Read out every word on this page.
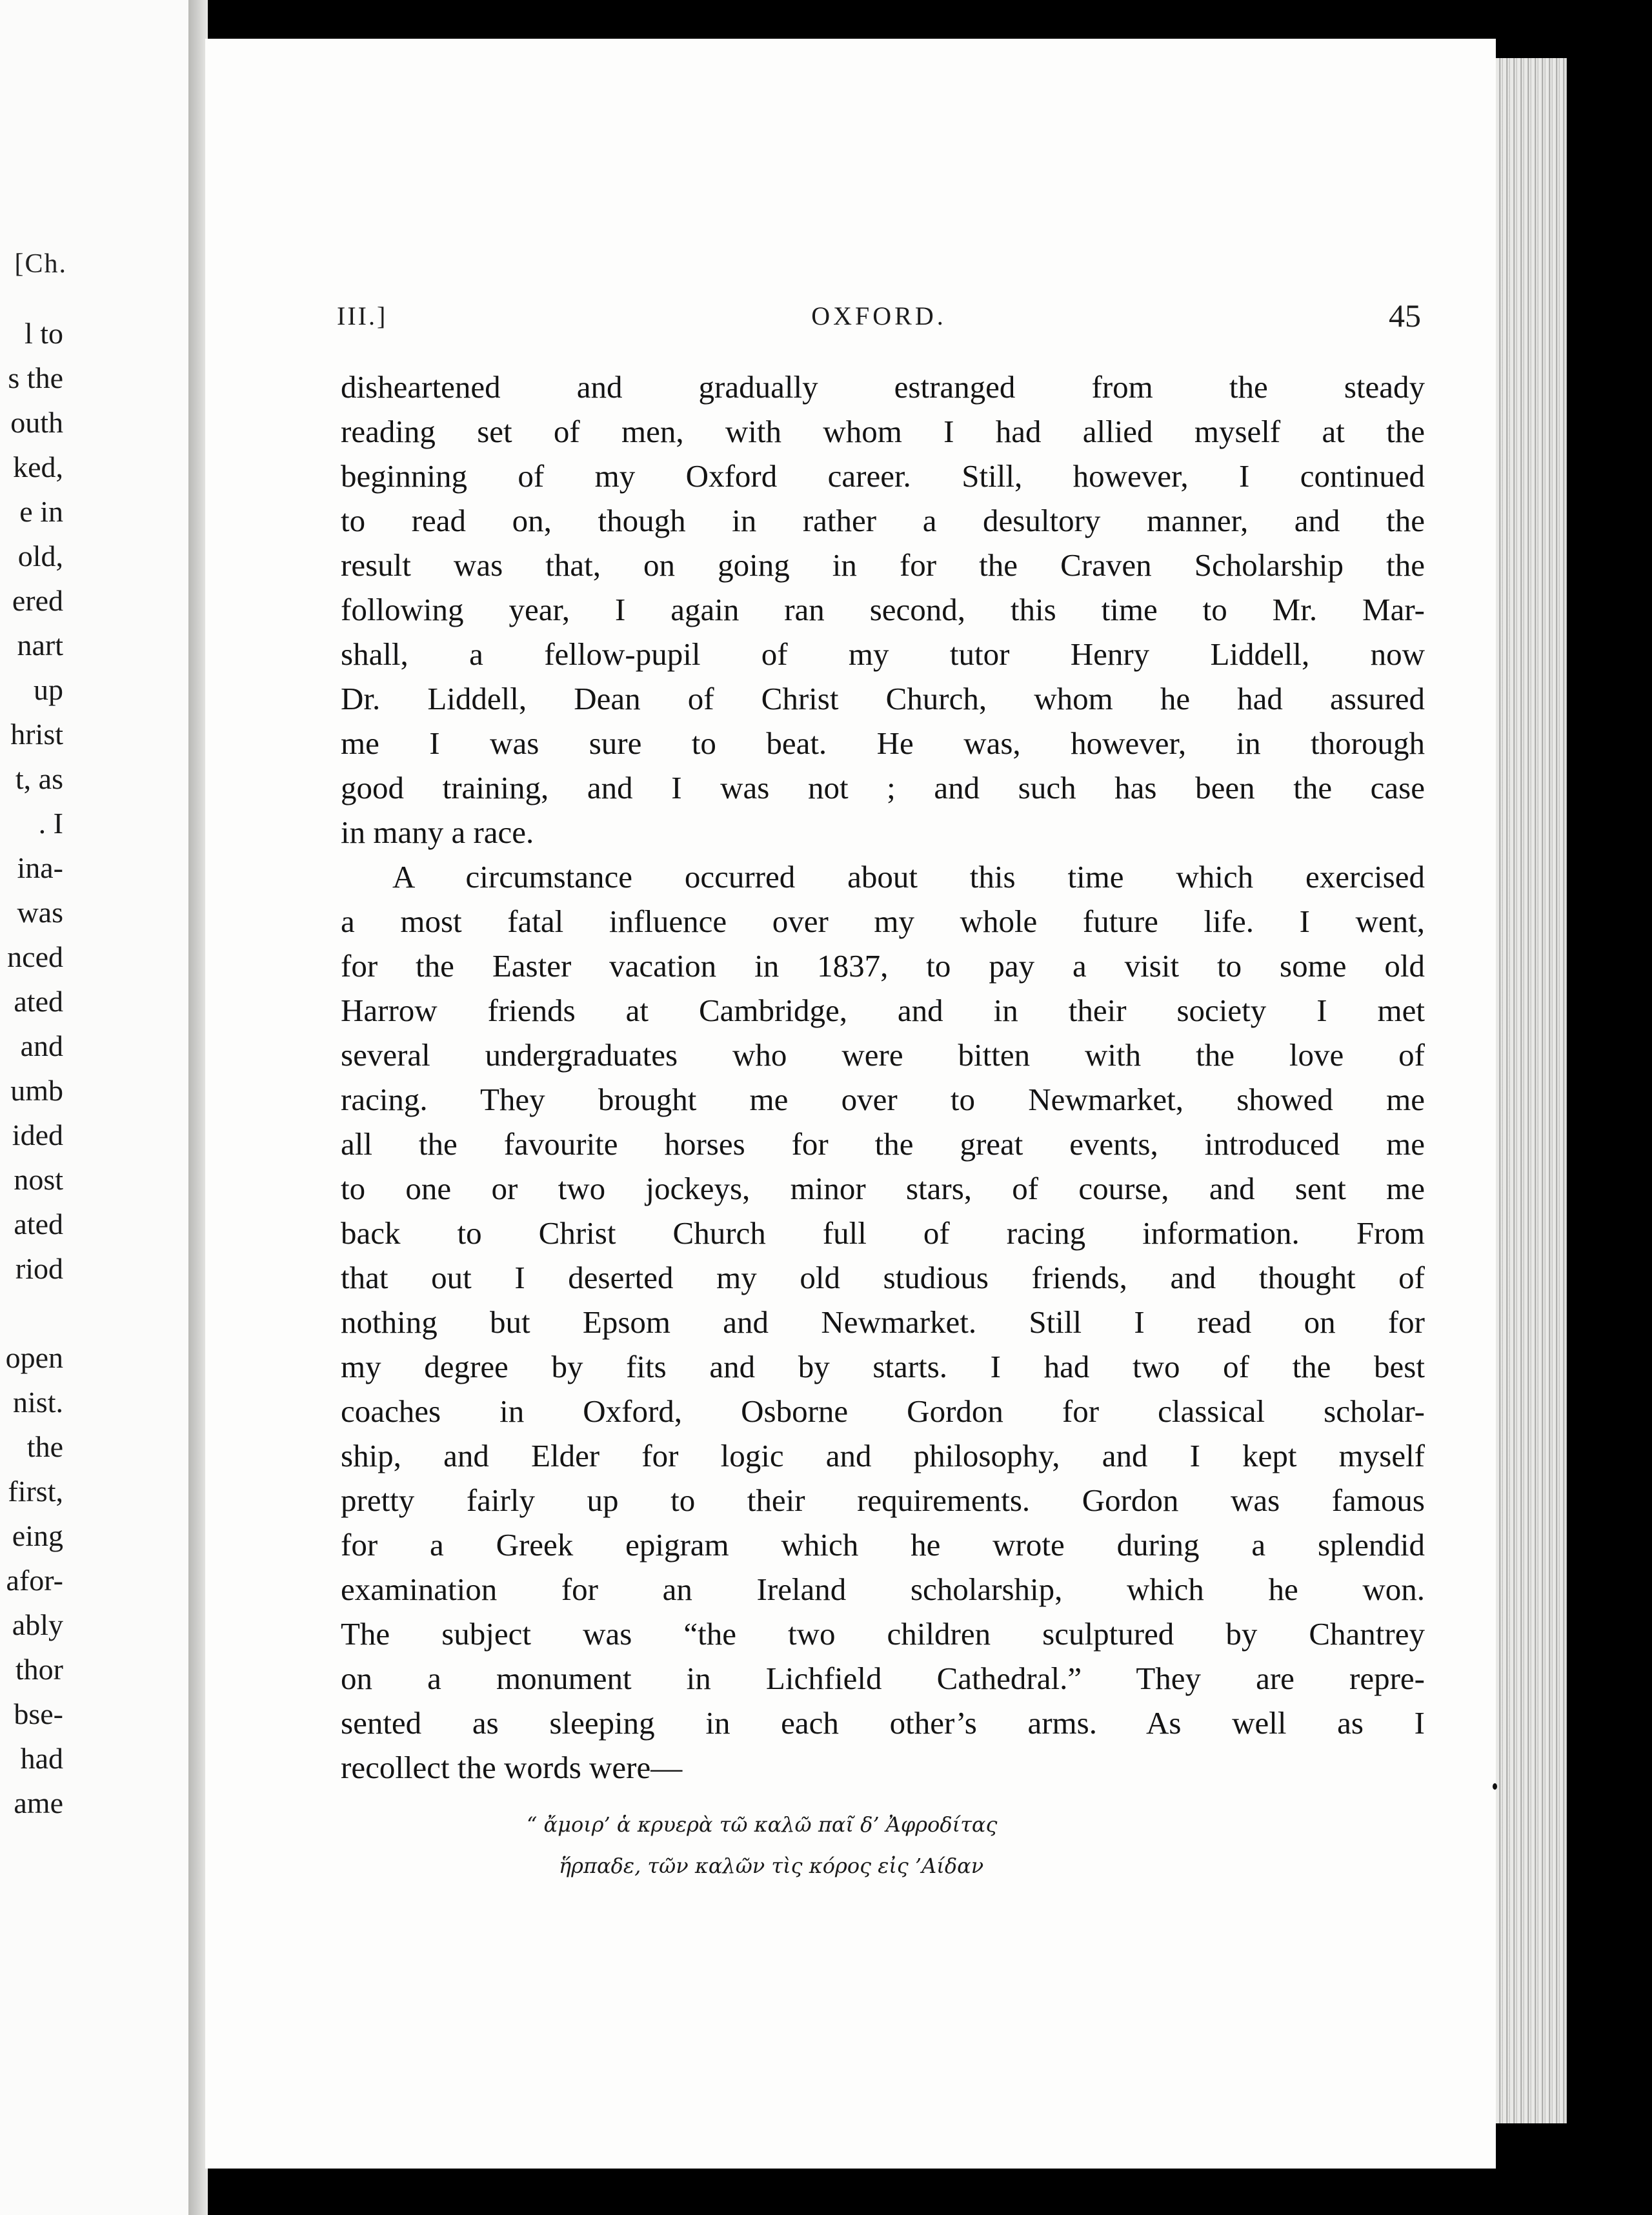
[Ch.
l to
s the
outh
ked,
e in
old,
ered
nart
up
hrist
t, as
. I
ina-
was
nced
ated
and
umb
ided
nost
ated
riod
open
nist.
the
first,
eing
afor-
ably
thor
bse-
had
ame
III.]	OXFORD.	45
disheartened and gradually estranged from the steady
reading set of men, with whom I had allied myself at the
beginning of my Oxford career. Still, however, I continued
to read on, though in rather a desultory manner, and the
result was that, on going in for the Craven Scholarship the
following year, I again ran second, this time to Mr. Mar-
shall, a fellow-pupil of my tutor Henry Liddell, now
Dr. Liddell, Dean of Christ Church, whom he had assured
me I was sure to beat. He was, however, in thorough
good training, and I was not ; and such has been the case
in many a race.
A circumstance occurred about this time which exercised
a most fatal influence over my whole future life. I went,
for the Easter vacation in 1837, to pay a visit to some old
Harrow friends at Cambridge, and in their society I met
several undergraduates who were bitten with the love of
racing. They brought me over to Newmarket, showed me
all the favourite horses for the great events, introduced me
to one or two jockeys, minor stars, of course, and sent me
back to Christ Church full of racing information. From
that out I deserted my old studious friends, and thought of
nothing but Epsom and Newmarket. Still I read on for
my degree by fits and by starts. I had two of the best
coaches in Oxford, Osborne Gordon for classical scholar-
ship, and Elder for logic and philosophy, and I kept myself
pretty fairly up to their requirements. Gordon was famous
for a Greek epigram which he wrote during a splendid
examination for an Ireland scholarship, which he won.
The subject was “the two children sculptured by Chantrey
on a monument in Lichfield Cathedral.” They are repre-
sented as sleeping in each other’s arms. As well as I
recollect the words were—
“ ἄμοιρ’ ἁ κρυερὰ τῶ καλῶ παῖ δ’ Ἀφροδίτας
ἥρπαδε, τῶν καλῶν τὶς κόρος εἰς ’Αίδαν
